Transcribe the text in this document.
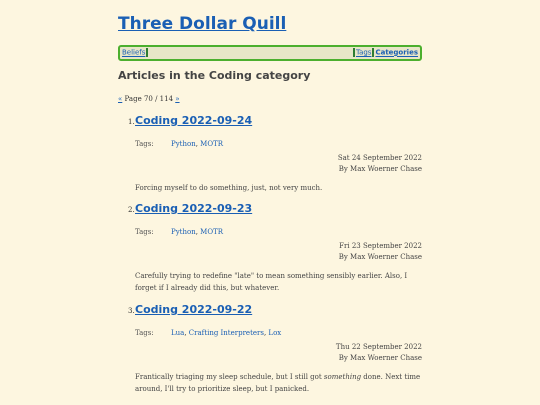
Three Dollar Quill
Beliefs	Tags Categories
Articles in the Coding category
« Page 70 / 114 »
1. Coding 2022-09-24
Tags: Python, MOTR
Sat 24 September 2022
By Max Woerner Chase
Forcing myself to do something, just, not very much.
2. Coding 2022-09-23
Tags: Python, MOTR
Fri 23 September 2022
By Max Woerner Chase
Carefully trying to redefine "late" to mean something sensibly earlier. Also, I forget if I already did this, but whatever.
3. Coding 2022-09-22
Tags: Lua, Crafting Interpreters, Lox
Thu 22 September 2022
By Max Woerner Chase
Frantically triaging my sleep schedule, but I still got something done. Next time around, I'll try to prioritize sleep, but I panicked.
